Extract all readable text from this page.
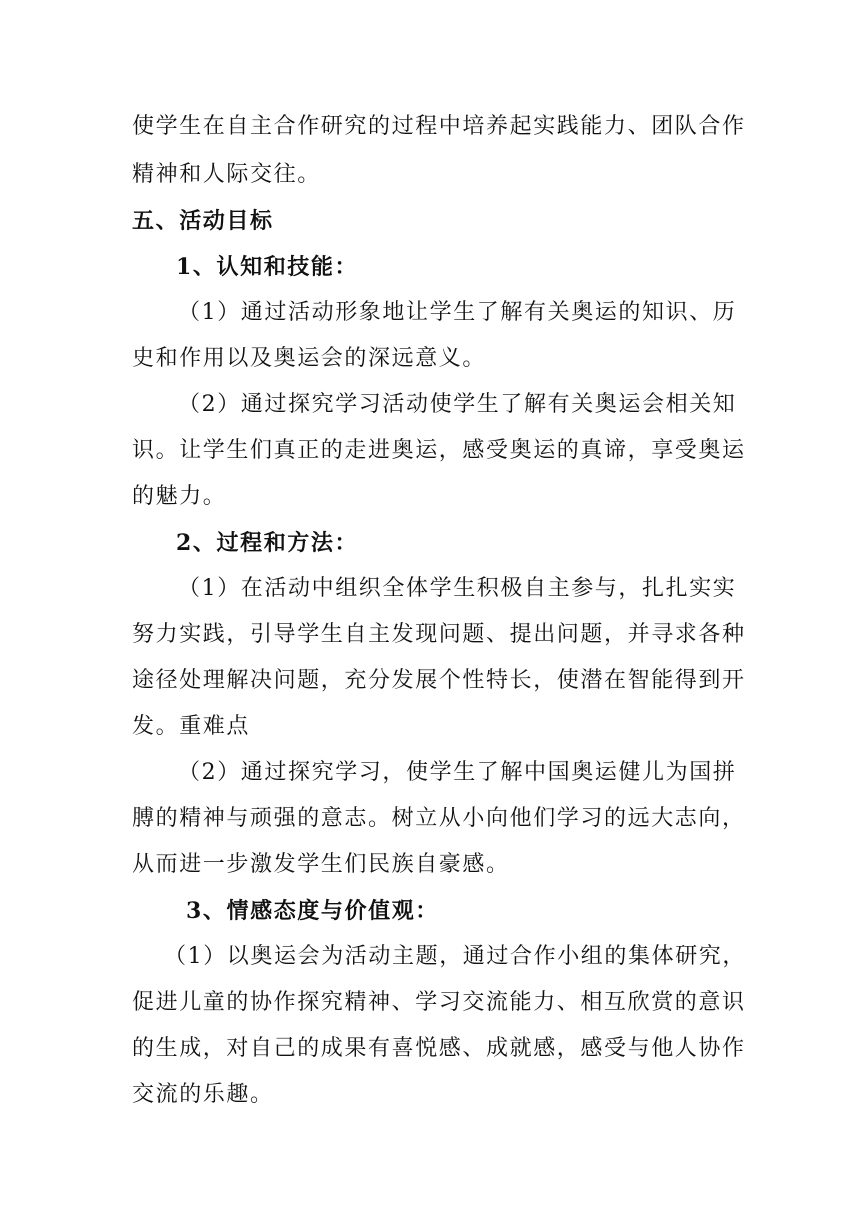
使学生在自主合作研究的过程中培养起实践能力、团队合作
精神和人际交往。
五、活动目标
1、认知和技能：
（1）通过活动形象地让学生了解有关奥运的知识、历
史和作用以及奥运会的深远意义。
（2）通过探究学习活动使学生了解有关奥运会相关知
识。让学生们真正的走进奥运，感受奥运的真谛，享受奥运
的魅力。
2、过程和方法：
（1）在活动中组织全体学生积极自主参与，扎扎实实
努力实践，引导学生自主发现问题、提出问题，并寻求各种
途径处理解决问题，充分发展个性特长，使潜在智能得到开
发。重难点
（2）通过探究学习，使学生了解中国奥运健儿为国拼
膊的精神与顽强的意志。树立从小向他们学习的远大志向，
从而进一步激发学生们民族自豪感。
3、情感态度与价值观：
（1）以奥运会为活动主题，通过合作小组的集体研究，
促进儿童的协作探究精神、学习交流能力、相互欣赏的意识
的生成，对自己的成果有喜悦感、成就感，感受与他人协作
交流的乐趣。
